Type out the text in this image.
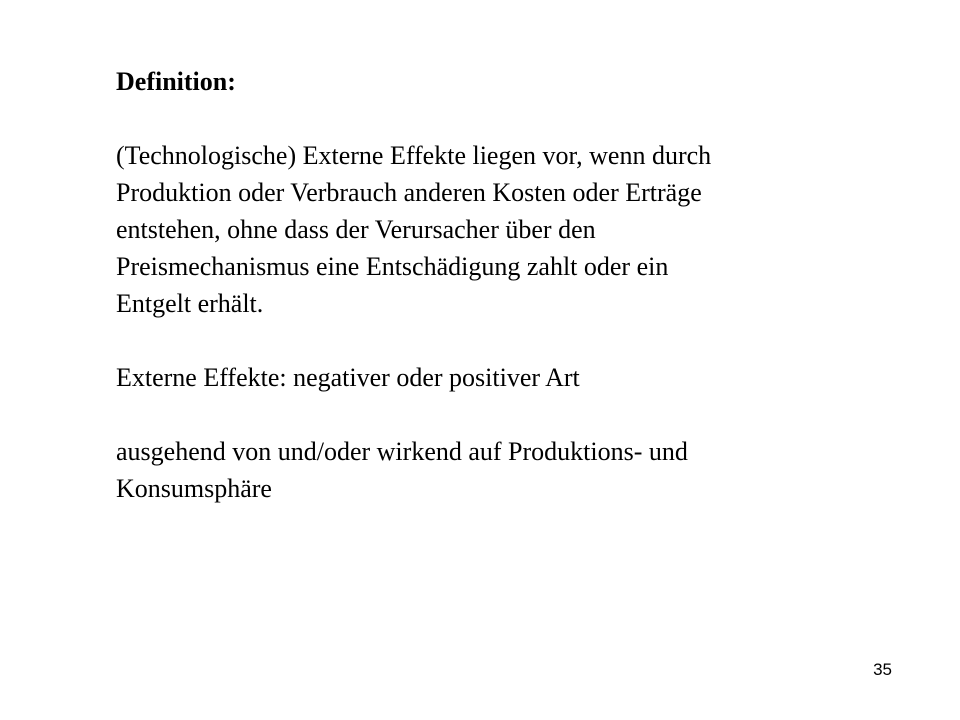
Definition:

(Technologische) Externe Effekte liegen vor, wenn durch

Produktion oder Verbrauch anderen Kosten oder Erträge

entstehen, ohne dass der Verursacher über den

Preismechanismus eine Entschädigung zahlt oder ein

Entgelt erhält.

Externe Effekte: negativer oder positiver Art

ausgehend von und/oder wirkend auf Produktions- und

Konsumsphäre

35
